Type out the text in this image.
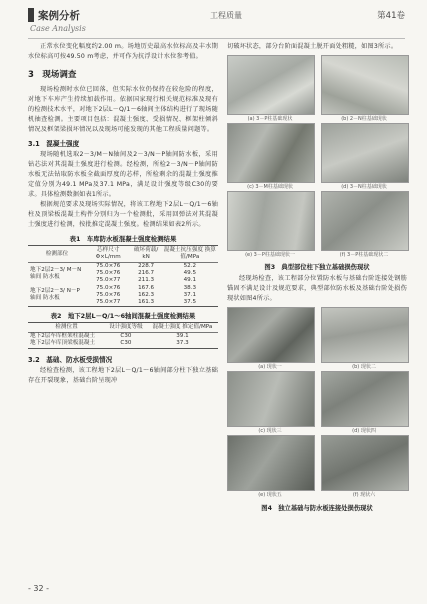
案例分析
Case Analysis
工程质量	第41卷

正常水位变化幅度约2.00 m。场地历史最高水位标高及丰水期水位标高可按49.50 m考虑，并可作为抗浮设计水位参考值。

3　现场调查

现场检测时水位已回落，但实际水位仍保持在较危险的程度，对地下车库产生持续加载作用。依据国家现行相关规范标准及现有的检测技术水平，对地下2层L－Q/1～6轴间主体结构进行了现场随机抽查检测。主要项目包括：混凝土强度、受损情况、框架柱倾斜情况及框架梁损坏情况以及现场可能发现的其他工程质量问题等。

3.1　混凝土强度

现场随机选取2－3/M－N轴间及2－3/N－P轴间防水板，采用钻芯法对其混凝土强度进行检测。经检测，所检2－3/N－P轴间防水板无法钻取防水板全截面厚度的芯样，所检剩余的混凝土强度推定值分别为49.1 MPa及37.1 MPa，满足设计强度等级C30的要求。具体检测数据如表1所示。

根据规范要求及现场实际情况，将该工程地下2层L－Q/1～6轴柱及顶梁板混凝土构件分别归为一个检测批，采用回弹法对其混凝土强度进行检测，按批推定混凝土强度。检测结果如表2所示。

表1　车库防水板混凝土强度检测结果
检测部位	芯样尺寸 Φ×L/mm	破坏荷载/ kN	混凝土抗压强度 换算值/MPa
地下2层2－3/ M－N轴间 防水板	75.0×76	228.7	52.2
	75.0×76	216.7	49.5
	75.0×77	211.3	49.1
地下2层2－3/ N－P轴间 防水板	75.0×76	167.6	38.3
	75.0×76	162.3	37.1
	75.0×77	161.3	37.5
表2　地下2层L－Q/1～6轴间混凝土强度检测结果
检测位置	设计强度等级	混凝土强度 推定值/MPa
地下2层车库框架柱混凝土	C30	39.1
地下2层车库顶梁板混凝土	C30	37.3
3.2　基础、防水板受损情况

经检查检测，该工程地下2层L－Q/1～6轴间部分柱下独立基础存在开裂现象，基础台阶呈现冲

切破坏状态，部分台阶面混凝土脱开面处粗糙，如图3所示。

(a) 3－P柱基础现状	(b) 2－N柱基础现状
(c) 3－M柱基础现状	(d) 3－N柱基础现状
(e) 3－P柱基础现状一	(f) 3－P柱基础现状二

图3　典型部位柱下独立基础损伤现状

经现场检查，该工程部分位置防水板与基础台阶连接处钢筋锚固不满足设计及规范要求，典型部位防水板及基础台阶处损伤现状如图4所示。

(a) 现状一	(b) 现状二
(c) 现状三	(d) 现状四
(e) 现状五	(f) 现状六

图4　独立基础与防水板连接处损伤现状

- 32 -
